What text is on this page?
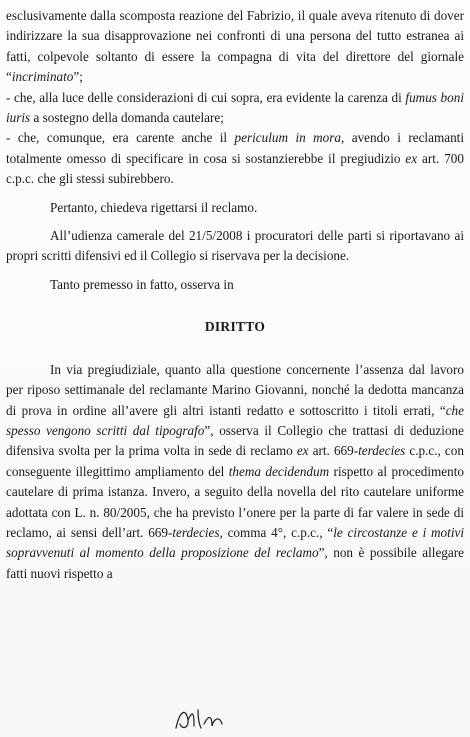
esclusivamente dalla scomposta reazione del Fabrizio, il quale aveva ritenuto di dover indirizzare la sua disapprovazione nei confronti di una persona del tutto estranea ai fatti, colpevole soltanto di essere la compagna di vita del direttore del giornale “incriminato”;

- che, alla luce delle considerazioni di cui sopra, era evidente la carenza di fumus boni iuris a sostegno della domanda cautelare;

- che, comunque, era carente anche il periculum in mora, avendo i reclamanti totalmente omesso di specificare in cosa si sostanzierebbe il pregiudizio ex art. 700 c.p.c. che gli stessi subirebbero.

Pertanto, chiedeva rigettarsi il reclamo.

All’udienza camerale del 21/5/2008 i procuratori delle parti si riportavano ai propri scritti difensivi ed il Collegio si riservava per la decisione.

Tanto premesso in fatto, osserva in

DIRITTO

In via pregiudiziale, quanto alla questione concernente l’assenza dal lavoro per riposo settimanale del reclamante Marino Giovanni, nonché la dedotta mancanza di prova in ordine all’avere gli altri istanti redatto e sottoscritto i titoli errati, “che spesso vengono scritti dal tipografo”, osserva il Collegio che trattasi di deduzione difensiva svolta per la prima volta in sede di reclamo ex art. 669-terdecies c.p.c., con conseguente illegittimo ampliamento del thema decidendum rispetto al procedimento cautelare di prima istanza. Invero, a seguito della novella del rito cautelare uniforme adottata con L. n. 80/2005, che ha previsto l’onere per la parte di far valere in sede di reclamo, ai sensi dell’art. 669-terdecies, comma 4°, c.p.c., “le circostanze e i motivi sopravvenuti al momento della proposizione del reclamo”, non è possibile allegare fatti nuovi rispetto a
